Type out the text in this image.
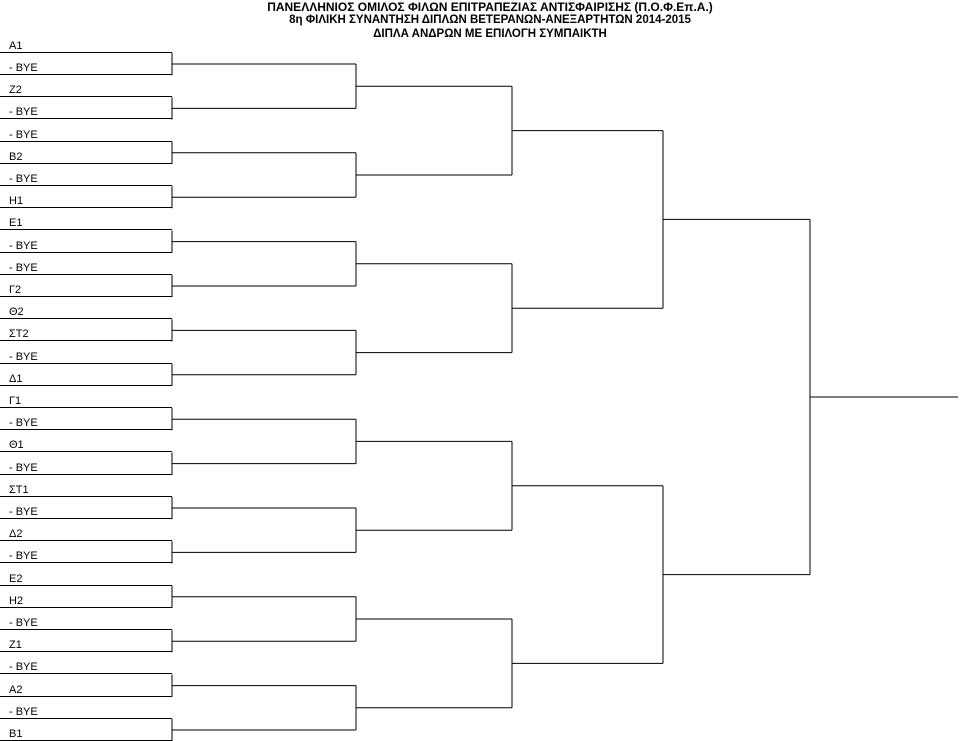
ΠΑΝΕΛΛΗΝΙΟΣ ΟΜΙΛΟΣ ΦΙΛΩΝ ΕΠΙΤΡΑΠΕΖΙΑΣ ΑΝΤΙΣΦΑΙΡΙΣΗΣ (Π.Ο.Φ.Επ.Α.)
8η ΦΙΛΙΚΗ ΣΥΝΑΝΤΗΣΗ ΔΙΠΛΩΝ ΒΕΤΕΡΑΝΩΝ-ΑΝΕΞΑΡΤΗΤΩΝ 2014-2015
ΔΙΠΛΑ ΑΝΔΡΩΝ ΜΕ ΕΠΙΛΟΓΗ ΣΥΜΠΑΙΚΤΗ
A1
- BYE
Z2
- BYE
- BYE
B2
- BYE
H1
E1
- BYE
- BYE
Γ2
Θ2
ΣΤ2
- BYE
Δ1
Γ1
- BYE
Θ1
- BYE
ΣΤ1
- BYE
Δ2
- BYE
E2
H2
- BYE
Z1
- BYE
A2
- BYE
B1
